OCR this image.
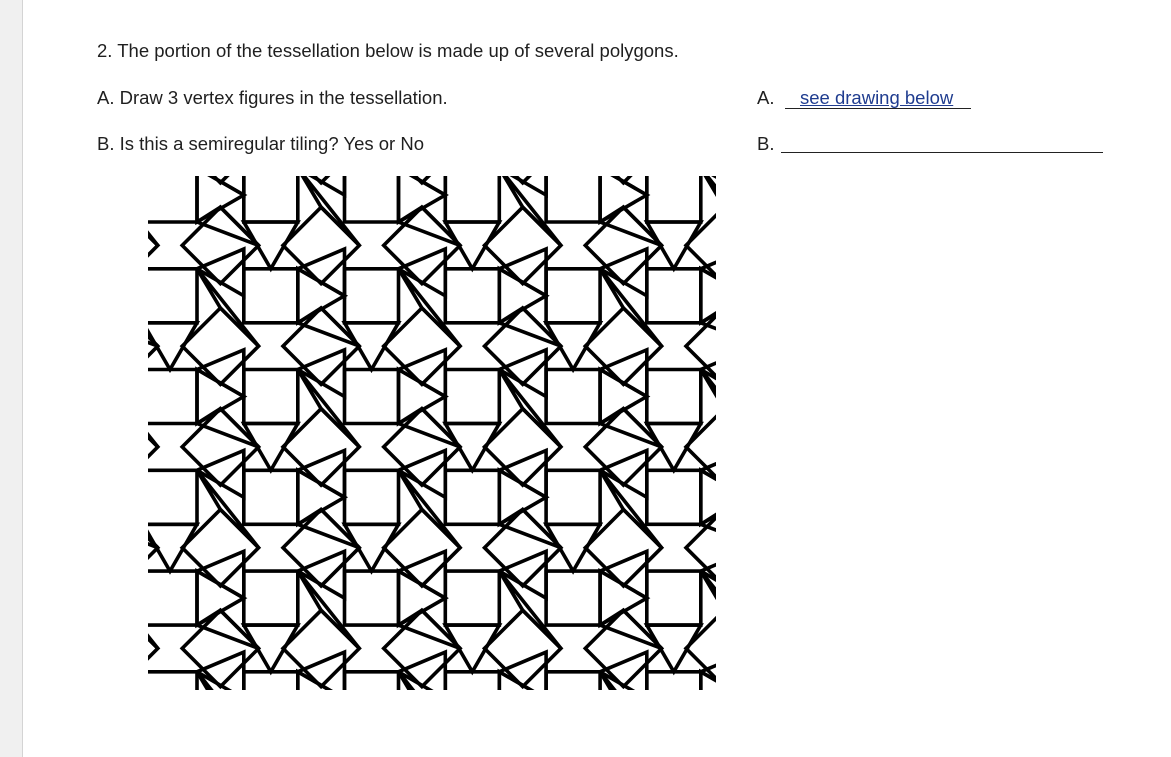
2. The portion of the tessellation below is made up of several polygons.
A. Draw 3 vertex figures in the tessellation.
B. Is this a semiregular tiling? Yes or No
A. see drawing below
B.
